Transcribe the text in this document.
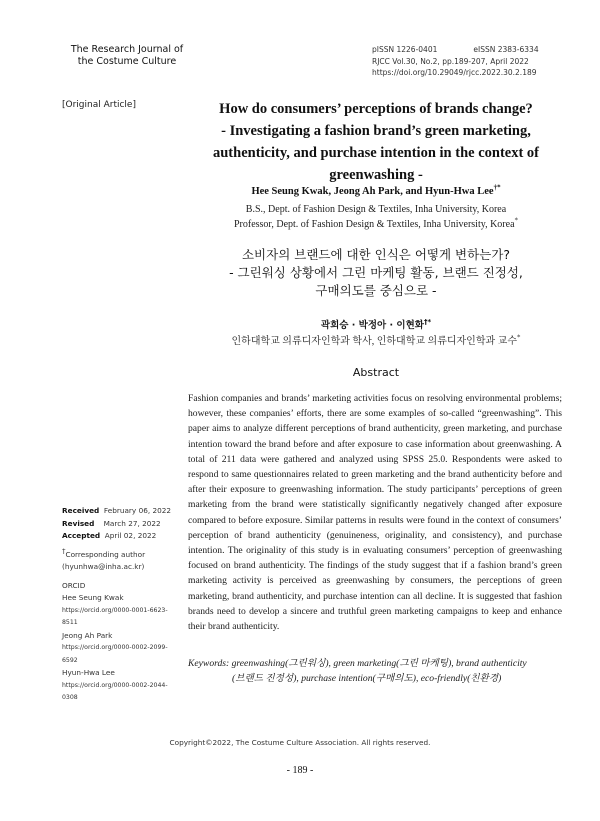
The Research Journal of
the Costume Culture
pISSN 1226-0401	eISSN 2383-6334
RJCC Vol.30, No.2, pp.189-207, April 2022
https://doi.org/10.29049/rjcc.2022.30.2.189
[Original Article]	How do consumers’ perceptions of brands change?
- Investigating a fashion brand’s green marketing,
authenticity, and purchase intention in the context of
greenwashing -
Hee Seung Kwak, Jeong Ah Park, and Hyun-Hwa Lee†*
B.S., Dept. of Fashion Design & Textiles, Inha University, Korea
Professor, Dept. of Fashion Design & Textiles, Inha University, Korea*
소비자의 브랜드에 대한 인식은 어떻게 변하는가?
- 그린워싱 상황에서 그린 마케팅 활동, 브랜드 진정성,
구매의도를 중심으로 -
곽희승 · 박정아 · 이현화†*
인하대학교 의류디자인학과 학사, 인하대학교 의류디자인학과 교수*
Abstract
Fashion companies and brands’ marketing activities focus on resolving environmental problems; however, these companies’ efforts, there are some examples of so-called “greenwashing”. This paper aims to analyze different perceptions of brand authenticity, green marketing, and purchase intention toward the brand before and after exposure to case information about greenwashing. A total of 211 data were gathered and analyzed using SPSS 25.0. Respondents were asked to respond to same questionnaires related to green marketing and the brand authenticity before and after their exposure to greenwashing information. The study participants’ perceptions of green marketing from the brand were statistically significantly negatively changed after exposure compared to before exposure. Similar patterns in results were found in the context of consumers’ perception of brand authenticity (genuineness, originality, and consistency), and purchase intention. The originality of this study is in evaluating consumers’ perception of greenwashing focused on brand authenticity. The findings of the study suggest that if a fashion brand’s green marketing activity is perceived as greenwashing by consumers, the perceptions of green marketing, brand authenticity, and purchase intention can all decline. It is suggested that fashion brands need to develop a sincere and truthful green marketing campaigns to keep and enhance their brand authenticity.
Keywords: greenwashing(그린워싱), green marketing(그린 마케팅), brand authenticity
(브랜드 진정성), purchase intention(구매의도), eco-friendly(친환경)
Received February 06, 2022
Revised March 27, 2022
Accepted April 02, 2022
†Corresponding author
(hyunhwa@inha.ac.kr)
ORCID
Hee Seung Kwak
https://orcid.org/0000-0001-6623-8511
Jeong Ah Park
https://orcid.org/0000-0002-2099-6592
Hyun-Hwa Lee
https://orcid.org/0000-0002-2044-0308
Copyright©2022, The Costume Culture Association. All rights reserved.
- 189 -
